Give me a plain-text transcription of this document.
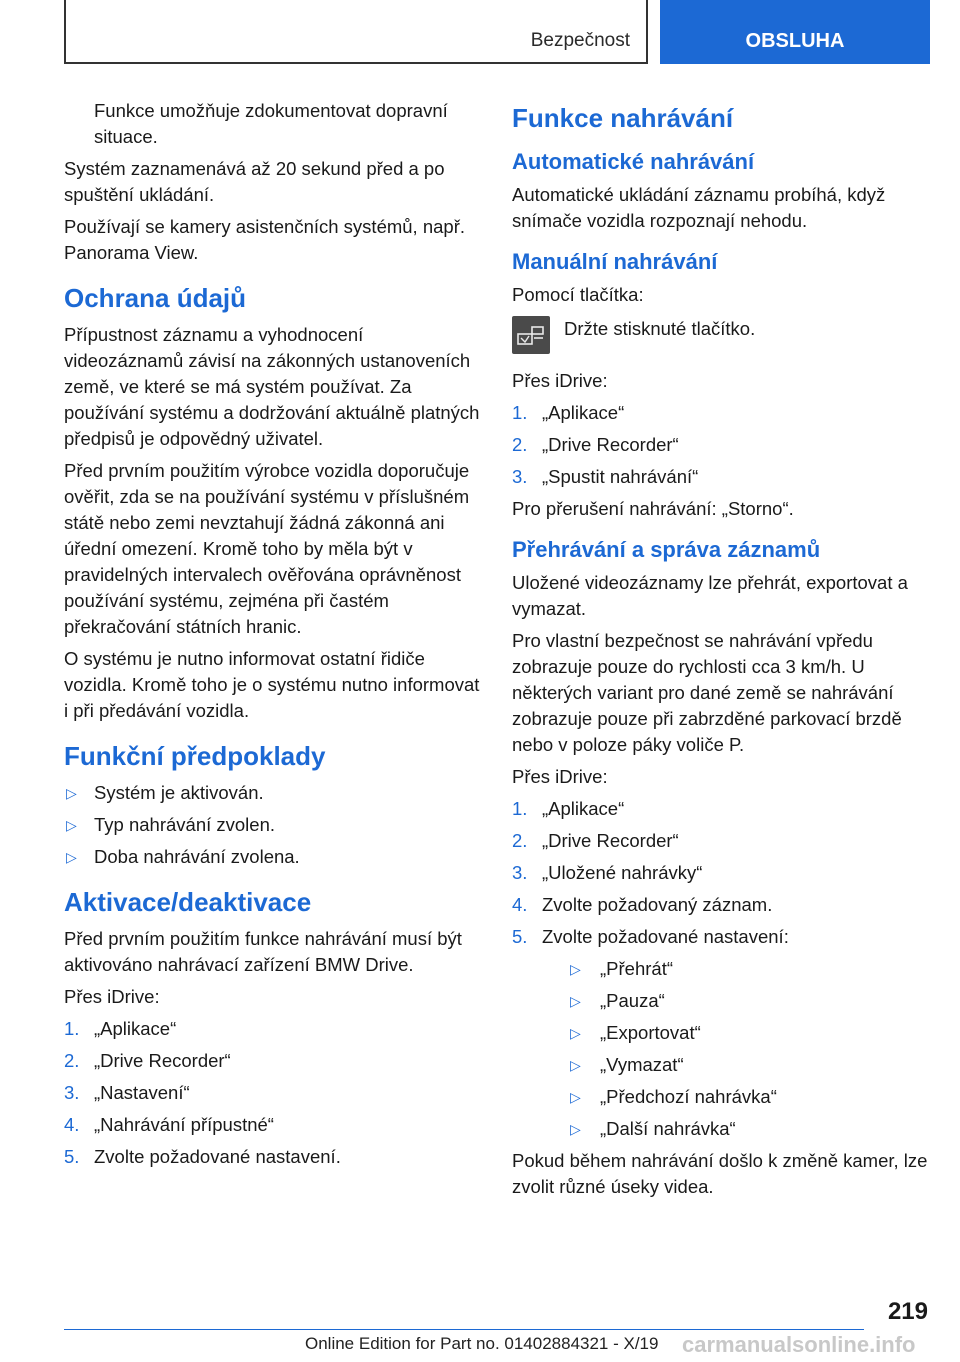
Bezpečnost	OBSLUHA

Funkce umožňuje zdokumentovat dopravní situace.

Systém zaznamenává až 20 sekund před a po spuštění ukládání.

Používají se kamery asistenčních systémů, např. Panorama View.

Ochrana údajů

Přípustnost záznamu a vyhodnocení videozáznamů závisí na zákonných ustanoveních země, ve které se má systém používat. Za používání systému a dodržování aktuálně platných předpisů je odpovědný uživatel.

Před prvním použitím výrobce vozidla doporučuje ověřit, zda se na používání systému v příslušném státě nebo zemi nevztahují žádná zákonná ani úřední omezení. Kromě toho by měla být v pravidelných intervalech ověřována oprávněnost používání systému, zejména při častém překračování státních hranic.

O systému je nutno informovat ostatní řidiče vozidla. Kromě toho je o systému nutno informovat i při předávání vozidla.

Funkční předpoklady
▷ Systém je aktivován.
▷ Typ nahrávání zvolen.
▷ Doba nahrávání zvolena.
Aktivace/deaktivace

Před prvním použitím funkce nahrávání musí být aktivováno nahrávací zařízení BMW Drive.

Přes iDrive:

1. „Aplikace“
2. „Drive Recorder“
3. „Nastavení“
4. „Nahrávání přípustné“
5. Zvolte požadované nastavení.
Funkce nahrávání
Automatické nahrávání

Automatické ukládání záznamu probíhá, když snímače vozidla rozpoznají nehodu.

Manuální nahrávání

Pomocí tlačítka:

Držte stisknuté tlačítko.

Přes iDrive:

1. „Aplikace“
2. „Drive Recorder“
3. „Spustit nahrávání“

Pro přerušení nahrávání: „Storno“.

Přehrávání a správa záznamů

Uložené videozáznamy lze přehrát, exportovat a vymazat.

Pro vlastní bezpečnost se nahrávání vpředu zobrazuje pouze do rychlosti cca 3 km/h. U některých variant pro dané země se nahrávání zobrazuje pouze při zabrzděné parkovací brzdě nebo v poloze páky voliče P.

Přes iDrive:

1. „Aplikace“
2. „Drive Recorder“
3. „Uložené nahrávky“
4. Zvolte požadovaný záznam.
5. Zvolte požadované nastavení:
▷ „Přehrát“
▷ „Pauza“
▷ „Exportovat“
▷ „Vymazat“
▷ „Předchozí nahrávka“
▷ „Další nahrávka“

Pokud během nahrávání došlo k změně kamer, lze zvolit různé úseky videa.

219
Online Edition for Part no. 01402884321 - X/19 carmanualsonline.info
